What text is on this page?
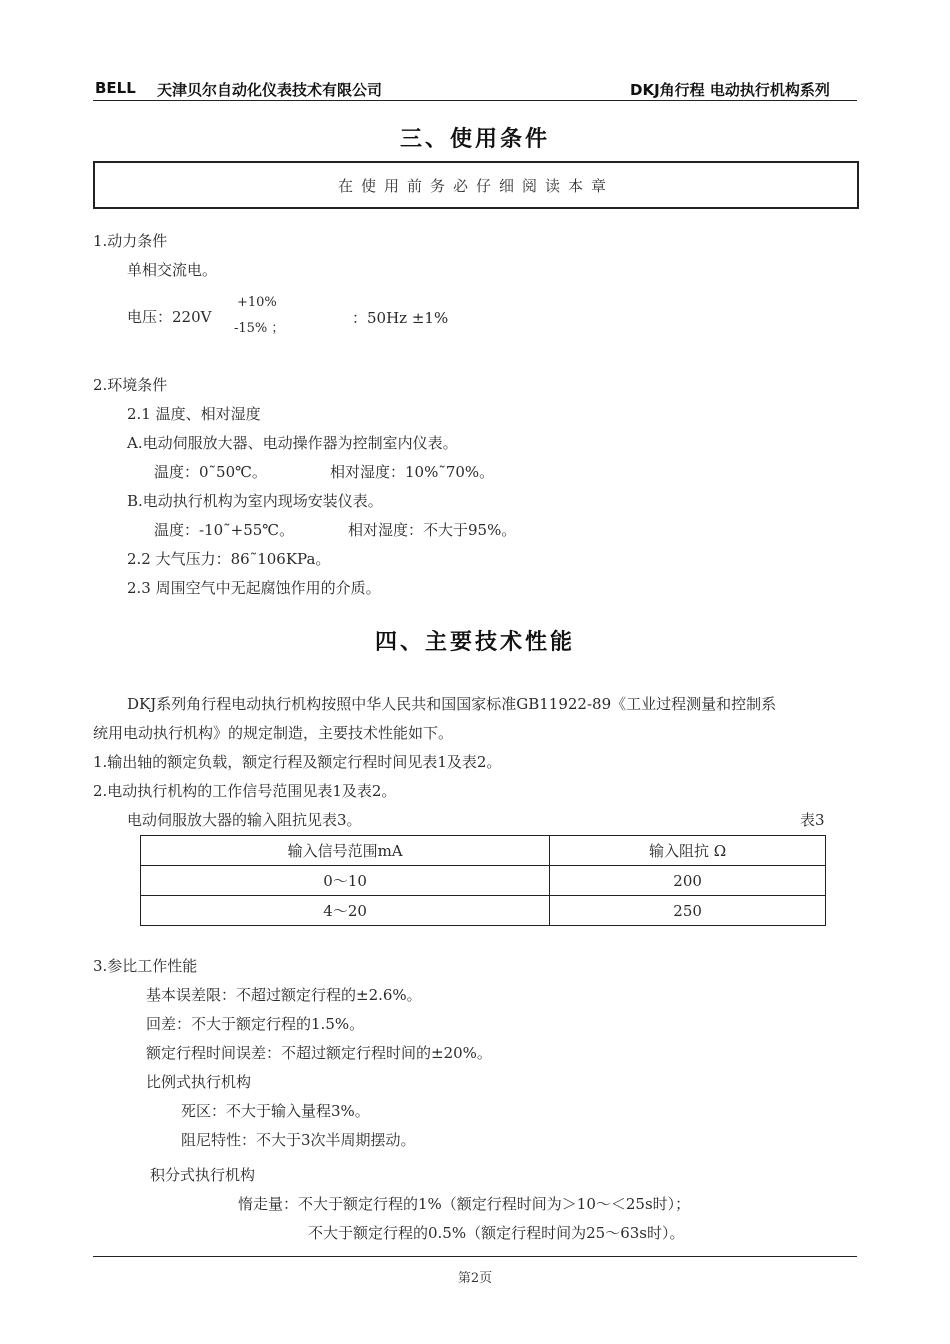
BELL 天津贝尔自动化仪表技术有限公司	DKJ角行程 电动执行机构系列
三、使用条件
在使用前务必仔细阅读本章
1.动力条件
单相交流电。
电压：220V
+10%
-15% ；
：50Hz ±1%
2.环境条件
2.1 温度、相对湿度
A.电动伺服放大器、电动操作器为控制室内仪表。
温度：0˜50℃。	相对湿度：10%˜70%。
B.电动执行机构为室内现场安装仪表。
温度：-10˜+55℃。	相对湿度：不大于95%。
2.2 大气压力：86˜106KPa。
2.3 周围空气中无起腐蚀作用的介质。
四、主要技术性能
DKJ系列角行程电动执行机构按照中华人民共和国国家标准GB11922-89《工业过程测量和控制系
统用电动执行机构》的规定制造，主要技术性能如下。
1.输出轴的额定负载，额定行程及额定行程时间见表1及表2。
2.电动执行机构的工作信号范围见表1及表2。
电动伺服放大器的输入阻抗见表3。	表3
输入信号范围mA	输入阻抗 Ω
0～10	200
4～20	250
3.参比工作性能
基本误差限：不超过额定行程的±2.6%。
回差：不大于额定行程的1.5%。
额定行程时间误差：不超过额定行程时间的±20%。
比例式执行机构
死区：不大于输入量程3%。
阻尼特性：不大于3次半周期摆动。
积分式执行机构
惰走量：不大于额定行程的1%（额定行程时间为＞10～＜25s时）；
不大于额定行程的0.5%（额定行程时间为25～63s时）。
第2页
